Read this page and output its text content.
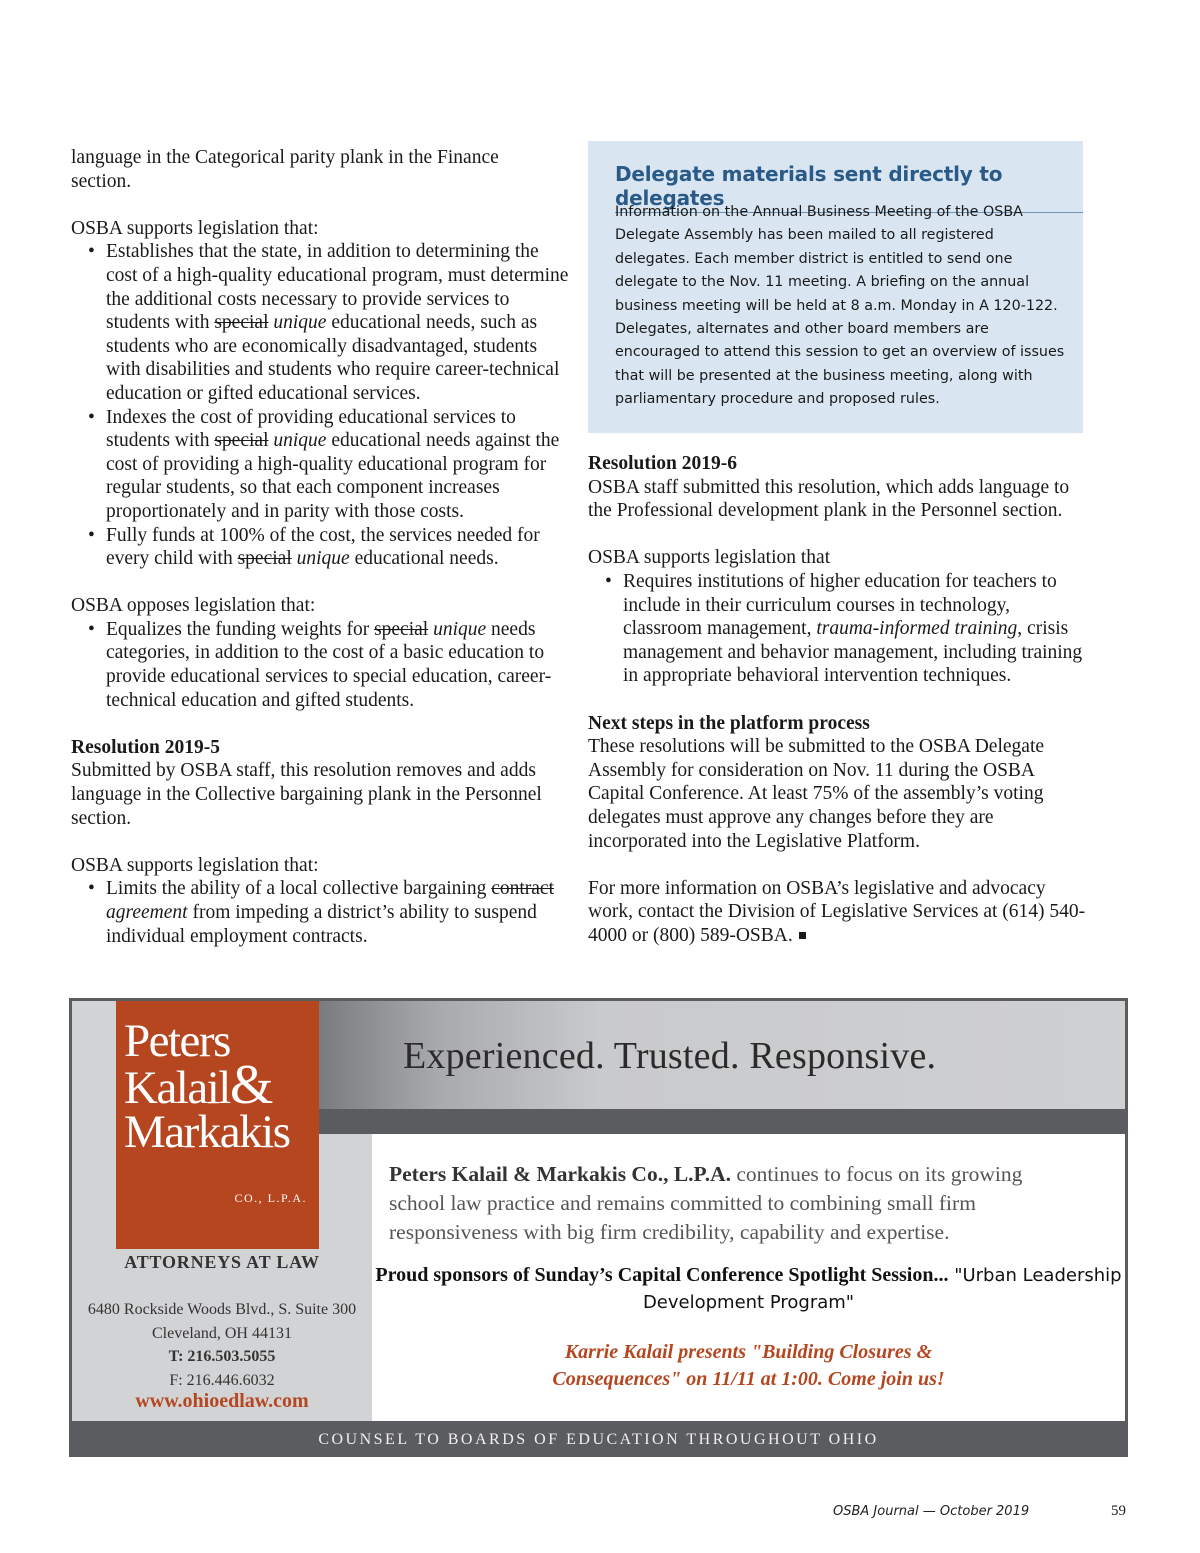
language in the Categorical parity plank in the Finance
section.

OSBA supports legislation that:

• Establishes that the state, in addition to determining the cost of a high-quality educational program, must determine the additional costs necessary to provide services to students with special unique educational needs, such as students who are economically disadvantaged, students with disabilities and students who require career-technical education or gifted educational services.
• Indexes the cost of providing educational services to students with special unique educational needs against the cost of providing a high-quality educational program for regular students, so that each component increases proportionately and in parity with those costs.
• Fully funds at 100% of the cost, the services needed for every child with special unique educational needs.

OSBA opposes legislation that:

• Equalizes the funding weights for special unique needs categories, in addition to the cost of a basic education to provide educational services to special education, career-technical education and gifted students.

Resolution 2019-5

Submitted by OSBA staff, this resolution removes and adds language in the Collective bargaining plank in the Personnel section.

OSBA supports legislation that:

• Limits the ability of a local collective bargaining contract agreement from impeding a district’s ability to suspend individual employment contracts.
Delegate materials sent directly to delegates
Information on the Annual Business Meeting of the OSBA Delegate Assembly has been mailed to all registered delegates. Each member district is entitled to send one delegate to the Nov. 11 meeting. A briefing on the annual business meeting will be held at 8 a.m. Monday in A 120-122. Delegates, alternates and other board members are encouraged to attend this session to get an overview of issues that will be presented at the business meeting, along with parliamentary procedure and proposed rules.

Resolution 2019-6

OSBA staff submitted this resolution, which adds language to the Professional development plank in the Personnel section.

OSBA supports legislation that

• Requires institutions of higher education for teachers to include in their curriculum courses in technology, classroom management, trauma-informed training, crisis management and behavior management, including training in appropriate behavioral intervention techniques.

Next steps in the platform process

These resolutions will be submitted to the OSBA Delegate Assembly for consideration on Nov. 11 during the OSBA Capital Conference. At least 75% of the assembly’s voting delegates must approve any changes before they are incorporated into the Legislative Platform.

For more information on OSBA’s legislative and advocacy work, contact the Division of Legislative Services at (614) 540-4000 or (800) 589-OSBA.

Peters
Kalail&
Markakis
CO., L.P.A.
Experienced. Trusted. Responsive.
ATTORNEYS AT LAW
6480 Rockside Woods Blvd., S. Suite 300
Cleveland, OH 44131
T: 216.503.5055
F: 216.446.6032
www.ohioedlaw.com
Peters Kalail & Markakis Co., L.P.A. continues to focus on its growing school law practice and remains committed to combining small firm responsiveness with big firm credibility, capability and expertise.
Proud sponsors of Sunday’s Capital Conference Spotlight Session... "Urban Leadership Development Program"
Karrie Kalail presents "Building Closures &
Consequences" on 11/11 at 1:00. Come join us!
COUNSEL TO BOARDS OF EDUCATION THROUGHOUT OHIO
OSBA Journal — October 2019	59
